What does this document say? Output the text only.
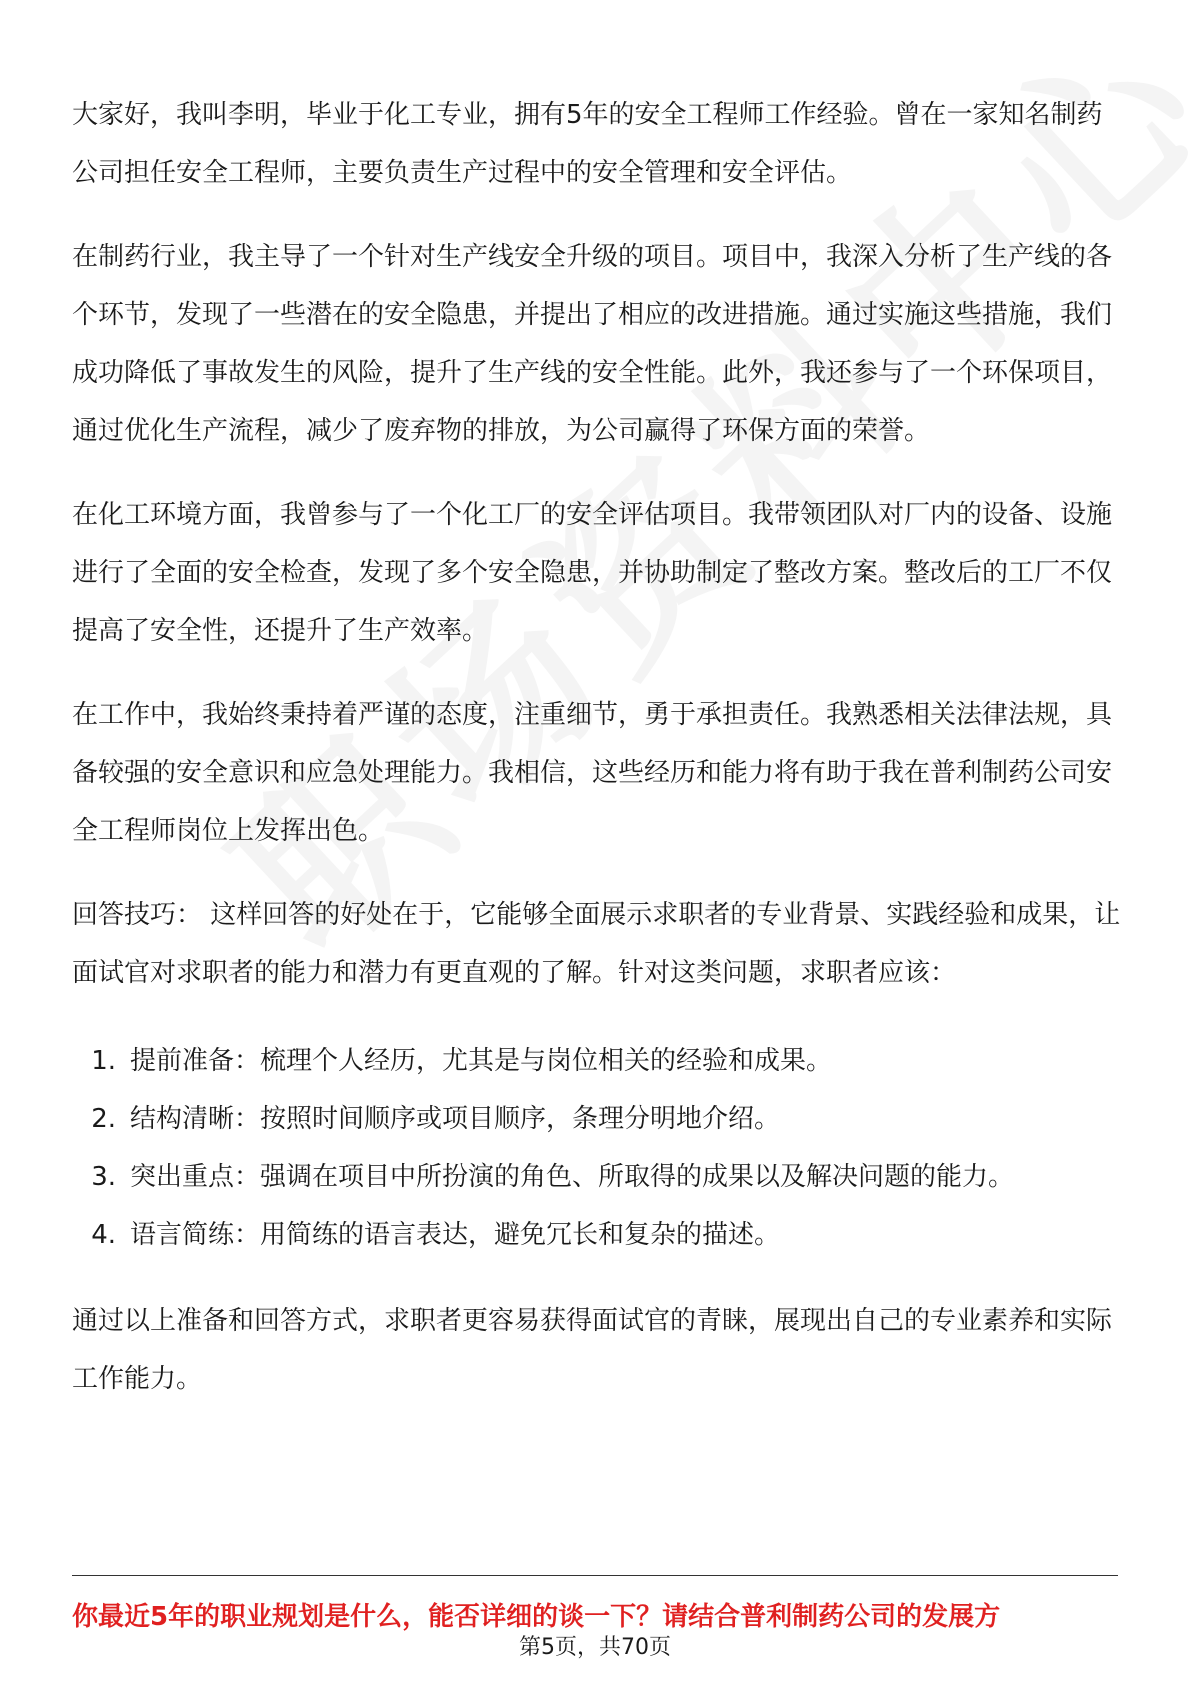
大家好，我叫李明，毕业于化工专业，拥有5年的安全工程师工作经验。曾在一家知名制药公司担任安全工程师，主要负责生产过程中的安全管理和安全评估。

在制药行业，我主导了一个针对生产线安全升级的项目。项目中，我深入分析了生产线的各个环节，发现了一些潜在的安全隐患，并提出了相应的改进措施。通过实施这些措施，我们成功降低了事故发生的风险，提升了生产线的安全性能。此外，我还参与了一个环保项目，通过优化生产流程，减少了废弃物的排放，为公司赢得了环保方面的荣誉。

在化工环境方面，我曾参与了一个化工厂的安全评估项目。我带领团队对厂内的设备、设施进行了全面的安全检查，发现了多个安全隐患，并协助制定了整改方案。整改后的工厂不仅提高了安全性，还提升了生产效率。

在工作中，我始终秉持着严谨的态度，注重细节，勇于承担责任。我熟悉相关法律法规，具备较强的安全意识和应急处理能力。我相信，这些经历和能力将有助于我在普利制药公司安全工程师岗位上发挥出色。

回答技巧： 这样回答的好处在于，它能够全面展示求职者的专业背景、实践经验和成果，让面试官对求职者的能力和潜力有更直观的了解。针对这类问题，求职者应该：

1. 提前准备：梳理个人经历，尤其是与岗位相关的经验和成果。
2. 结构清晰：按照时间顺序或项目顺序，条理分明地介绍。
3. 突出重点：强调在项目中所扮演的角色、所取得的成果以及解决问题的能力。
4. 语言简练：用简练的语言表达，避免冗长和复杂的描述。

通过以上准备和回答方式，求职者更容易获得面试官的青睐，展现出自己的专业素养和实际工作能力。

你最近5年的职业规划是什么，能否详细的谈一下？请结合普利制药公司的发展方
第5页，共70页
